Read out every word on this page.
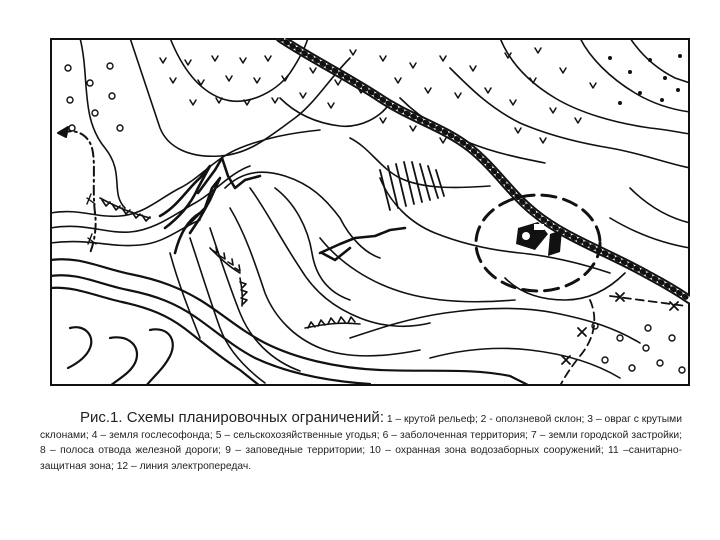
Рис.1. Схемы планировочных ограничений: 1 – крутой рельеф; 2 - оползневой склон; 3 – овраг с крутыми склонами; 4 – земля гослесофонда; 5 – сельскохозяйственные угодья; 6 – заболоченная территория; 7 – земли городской застройки; 8 – полоса отвода железной дороги; 9 – заповедные территории; 10 – охранная зона водозаборных сооружений; 11 –санитарно-защитная зона; 12 – линия электропередач.
